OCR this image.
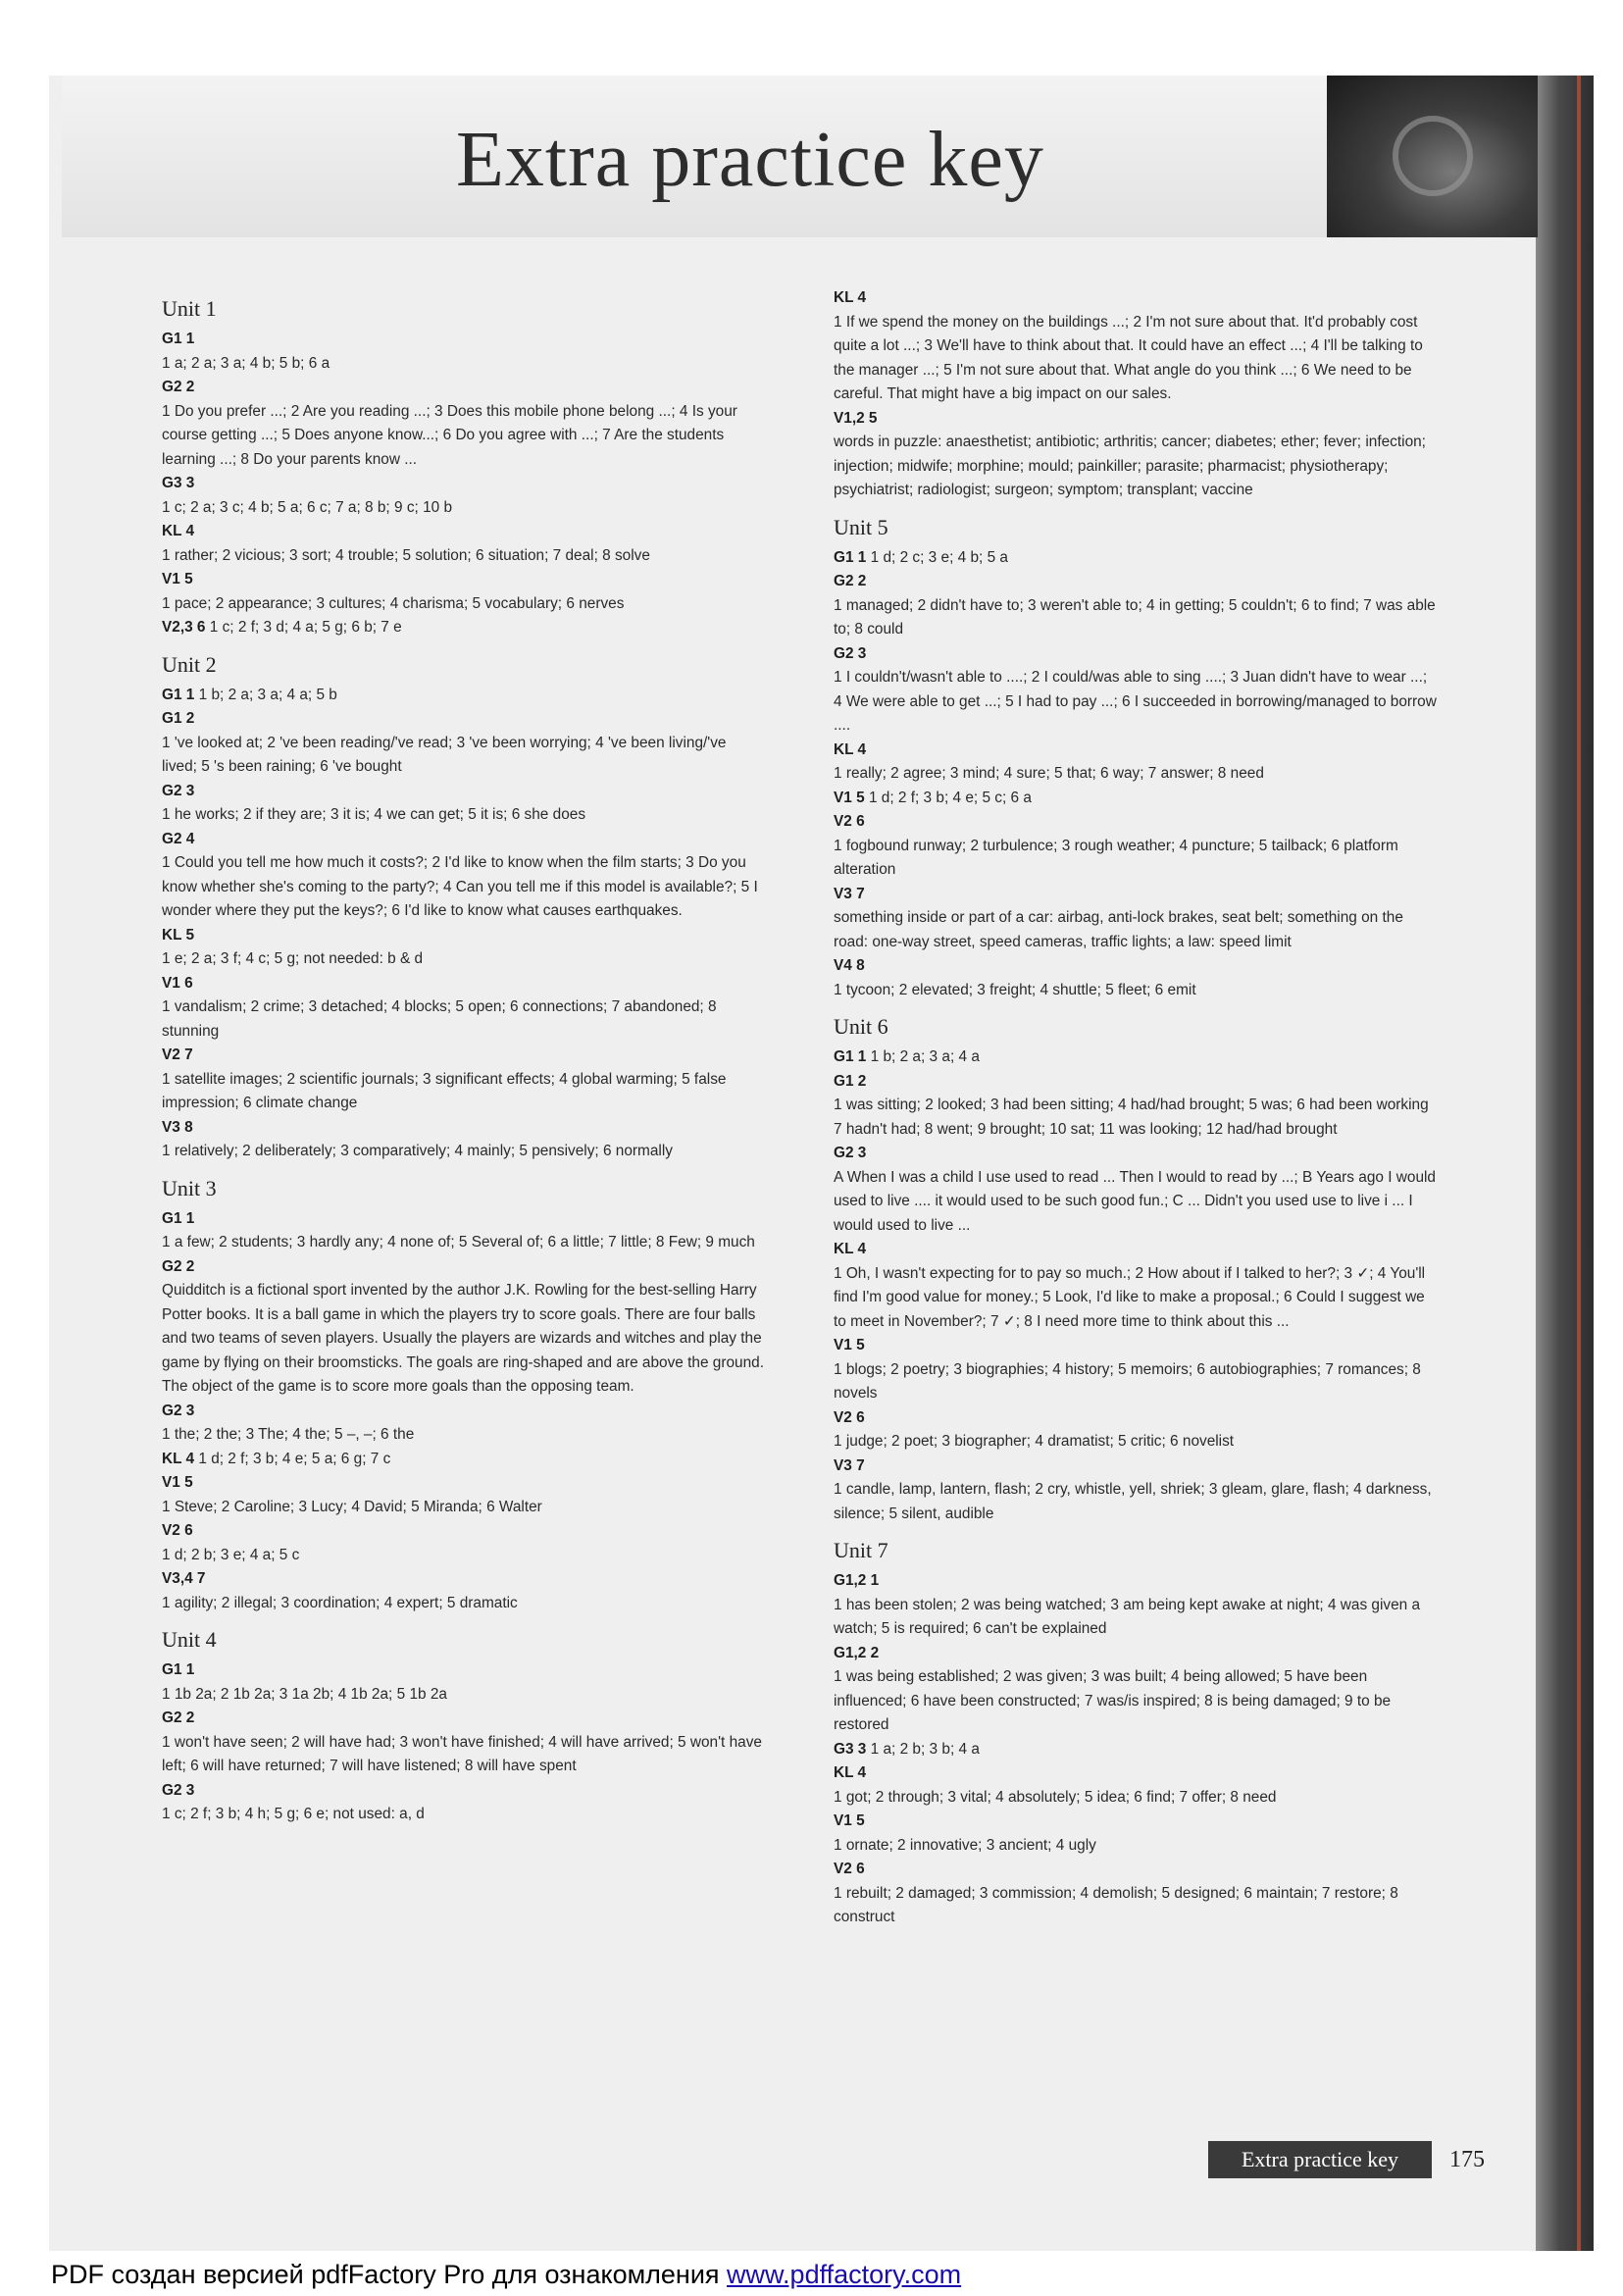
Extra practice key
Unit 1
G1 1
1 a; 2 a; 3 a; 4 b; 5 b; 6 a
G2 2
1 Do you prefer ...; 2 Are you reading ...; 3 Does this mobile phone belong ...; 4 Is your course getting ...; 5 Does anyone know...; 6 Do you agree with ...; 7 Are the students learning ...; 8 Do your parents know ...
G3 3
1 c; 2 a; 3 c; 4 b; 5 a; 6 c; 7 a; 8 b; 9 c; 10 b
KL 4
1 rather; 2 vicious; 3 sort; 4 trouble; 5 solution; 6 situation; 7 deal; 8 solve
V1 5
1 pace; 2 appearance; 3 cultures; 4 charisma; 5 vocabulary; 6 nerves
V2,3 6 1 c; 2 f; 3 d; 4 a; 5 g; 6 b; 7 e
Unit 2
G1 1 1 b; 2 a; 3 a; 4 a; 5 b
G1 2
1 've looked at; 2 've been reading/'ve read; 3 've been worrying; 4 've been living/'ve lived; 5 's been raining; 6 've bought
G2 3
1 he works; 2 if they are; 3 it is; 4 we can get; 5 it is; 6 she does
G2 4
1 Could you tell me how much it costs?; 2 I'd like to know when the film starts; 3 Do you know whether she's coming to the party?; 4 Can you tell me if this model is available?; 5 I wonder where they put the keys?; 6 I'd like to know what causes earthquakes.
KL 5
1 e; 2 a; 3 f; 4 c; 5 g; not needed: b & d
V1 6
1 vandalism; 2 crime; 3 detached; 4 blocks; 5 open; 6 connections; 7 abandoned; 8 stunning
V2 7
1 satellite images; 2 scientific journals; 3 significant effects; 4 global warming; 5 false impression; 6 climate change
V3 8
1 relatively; 2 deliberately; 3 comparatively; 4 mainly; 5 pensively; 6 normally
Unit 3
G1 1
1 a few; 2 students; 3 hardly any; 4 none of; 5 Several of; 6 a little; 7 little; 8 Few; 9 much
G2 2
Quidditch is a fictional sport invented by the author J.K. Rowling for the best-selling Harry Potter books. It is a ball game in which the players try to score goals. There are four balls and two teams of seven players. Usually the players are wizards and witches and play the game by flying on their broomsticks. The goals are ring-shaped and are above the ground. The object of the game is to score more goals than the opposing team.
G2 3
1 the; 2 the; 3 The; 4 the; 5 –, –; 6 the
KL 4 1 d; 2 f; 3 b; 4 e; 5 a; 6 g; 7 c
V1 5
1 Steve; 2 Caroline; 3 Lucy; 4 David; 5 Miranda; 6 Walter
V2 6
1 d; 2 b; 3 e; 4 a; 5 c
V3,4 7
1 agility; 2 illegal; 3 coordination; 4 expert; 5 dramatic
Unit 4
G1 1
1 1b 2a; 2 1b 2a; 3 1a 2b; 4 1b 2a; 5 1b 2a
G2 2
1 won't have seen; 2 will have had; 3 won't have finished; 4 will have arrived; 5 won't have left; 6 will have returned; 7 will have listened; 8 will have spent
G2 3
1 c; 2 f; 3 b; 4 h; 5 g; 6 e; not used: a, d
KL 4
1 If we spend the money on the buildings ...; 2 I'm not sure about that. It'd probably cost quite a lot ...; 3 We'll have to think about that. It could have an effect ...; 4 I'll be talking to the manager ...; 5 I'm not sure about that. What angle do you think ...; 6 We need to be careful. That might have a big impact on our sales.
V1,2 5
words in puzzle: anaesthetist; antibiotic; arthritis; cancer; diabetes; ether; fever; infection; injection; midwife; morphine; mould; painkiller; parasite; pharmacist; physiotherapy; psychiatrist; radiologist; surgeon; symptom; transplant; vaccine
Unit 5
G1 1 1 d; 2 c; 3 e; 4 b; 5 a
G2 2
1 managed; 2 didn't have to; 3 weren't able to; 4 in getting; 5 couldn't; 6 to find; 7 was able to; 8 could
G2 3
1 I couldn't/wasn't able to ....; 2 I could/was able to sing ....; 3 Juan didn't have to wear ...; 4 We were able to get ...; 5 I had to pay ...; 6 I succeeded in borrowing/managed to borrow ....
KL 4
1 really; 2 agree; 3 mind; 4 sure; 5 that; 6 way; 7 answer; 8 need
V1 5 1 d; 2 f; 3 b; 4 e; 5 c; 6 a
V2 6
1 fogbound runway; 2 turbulence; 3 rough weather; 4 puncture; 5 tailback; 6 platform alteration
V3 7
something inside or part of a car: airbag, anti-lock brakes, seat belt; something on the road: one-way street, speed cameras, traffic lights; a law: speed limit
V4 8
1 tycoon; 2 elevated; 3 freight; 4 shuttle; 5 fleet; 6 emit
Unit 6
G1 1 1 b; 2 a; 3 a; 4 a
G1 2
1 was sitting; 2 looked; 3 had been sitting; 4 had/had brought; 5 was; 6 had been working 7 hadn't had; 8 went; 9 brought; 10 sat; 11 was looking; 12 had/had brought
G2 3
A When I was a child I use used to read ... Then I would to read by ...; B Years ago I would used to live .... it would used to be such good fun.; C ... Didn't you used use to live i ... I would used to live ...
KL 4
1 Oh, I wasn't expecting for to pay so much.; 2 How about if I talked to her?; 3 ✓; 4 You'll find I'm good value for money.; 5 Look, I'd like to make a proposal.; 6 Could I suggest we to meet in November?; 7 ✓; 8 I need more time to think about this ...
V1 5
1 blogs; 2 poetry; 3 biographies; 4 history; 5 memoirs; 6 autobiographies; 7 romances; 8 novels
V2 6
1 judge; 2 poet; 3 biographer; 4 dramatist; 5 critic; 6 novelist
V3 7
1 candle, lamp, lantern, flash; 2 cry, whistle, yell, shriek; 3 gleam, glare, flash; 4 darkness, silence; 5 silent, audible
Unit 7
G1,2 1
1 has been stolen; 2 was being watched; 3 am being kept awake at night; 4 was given a watch; 5 is required; 6 can't be explained
G1,2 2
1 was being established; 2 was given; 3 was built; 4 being allowed; 5 have been influenced; 6 have been constructed; 7 was/is inspired; 8 is being damaged; 9 to be restored
G3 3 1 a; 2 b; 3 b; 4 a
KL 4
1 got; 2 through; 3 vital; 4 absolutely; 5 idea; 6 find; 7 offer; 8 need
V1 5
1 ornate; 2 innovative; 3 ancient; 4 ugly
V2 6
1 rebuilt; 2 damaged; 3 commission; 4 demolish; 5 designed; 6 maintain; 7 restore; 8 construct
Extra practice key	175
PDF создан версией pdfFactory Pro для ознакомления www.pdffactory.com
